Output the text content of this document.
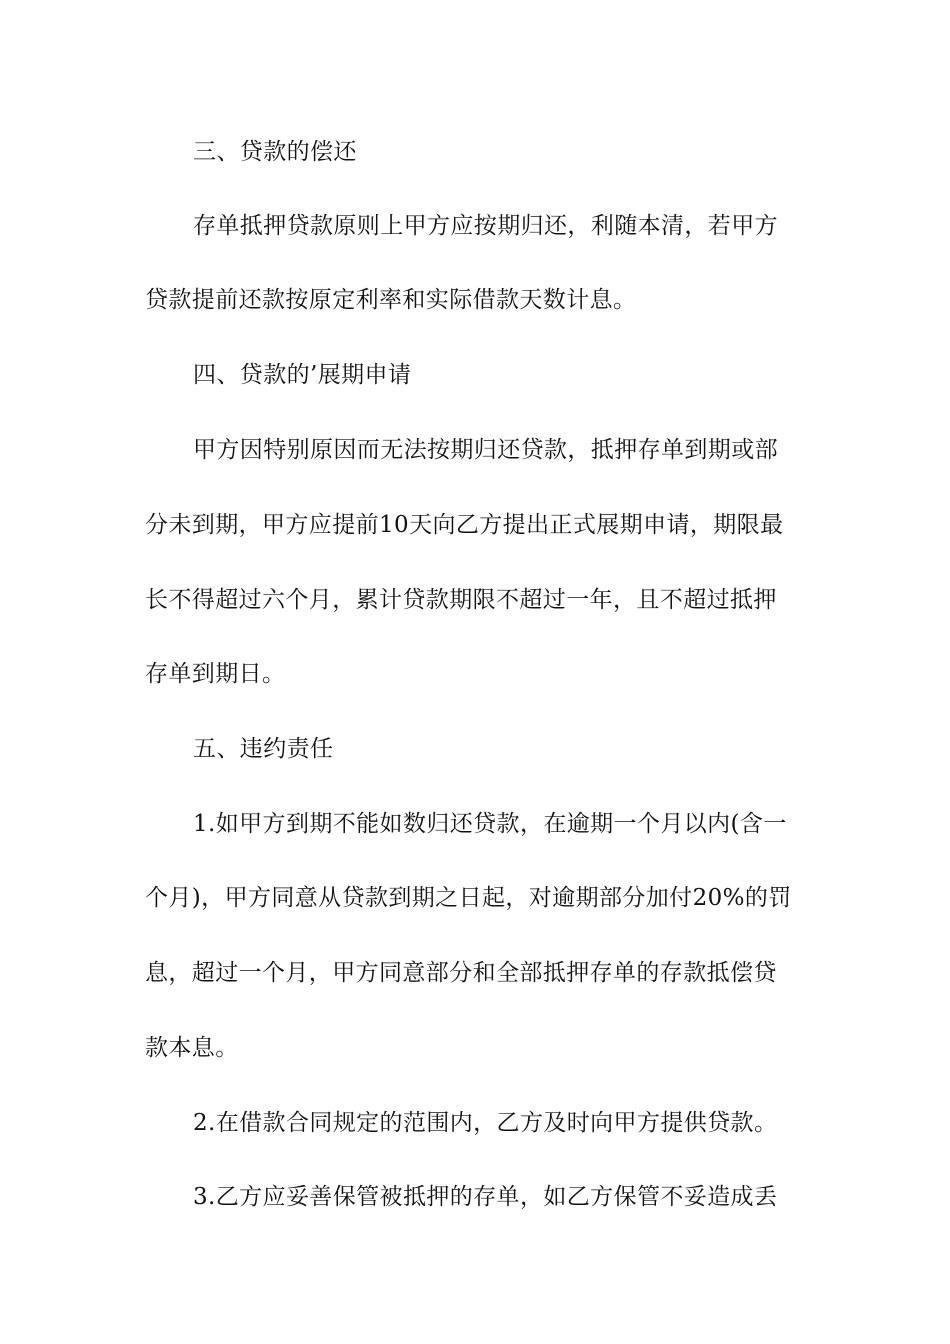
三、贷款的偿还
存单抵押贷款原则上甲方应按期归还，利随本清，若甲方
贷款提前还款按原定利率和实际借款天数计息。
四、贷款的’展期申请
甲方因特别原因而无法按期归还贷款，抵押存单到期或部
分未到期，甲方应提前10天向乙方提出正式展期申请，期限最
长不得超过六个月，累计贷款期限不超过一年，且不超过抵押
存单到期日。
五、违约责任
1.如甲方到期不能如数归还贷款，在逾期一个月以内(含一
个月)，甲方同意从贷款到期之日起，对逾期部分加付20%的罚
息，超过一个月，甲方同意部分和全部抵押存单的存款抵偿贷
款本息。
2.在借款合同规定的范围内，乙方及时向甲方提供贷款。
3.乙方应妥善保管被抵押的存单，如乙方保管不妥造成丢
